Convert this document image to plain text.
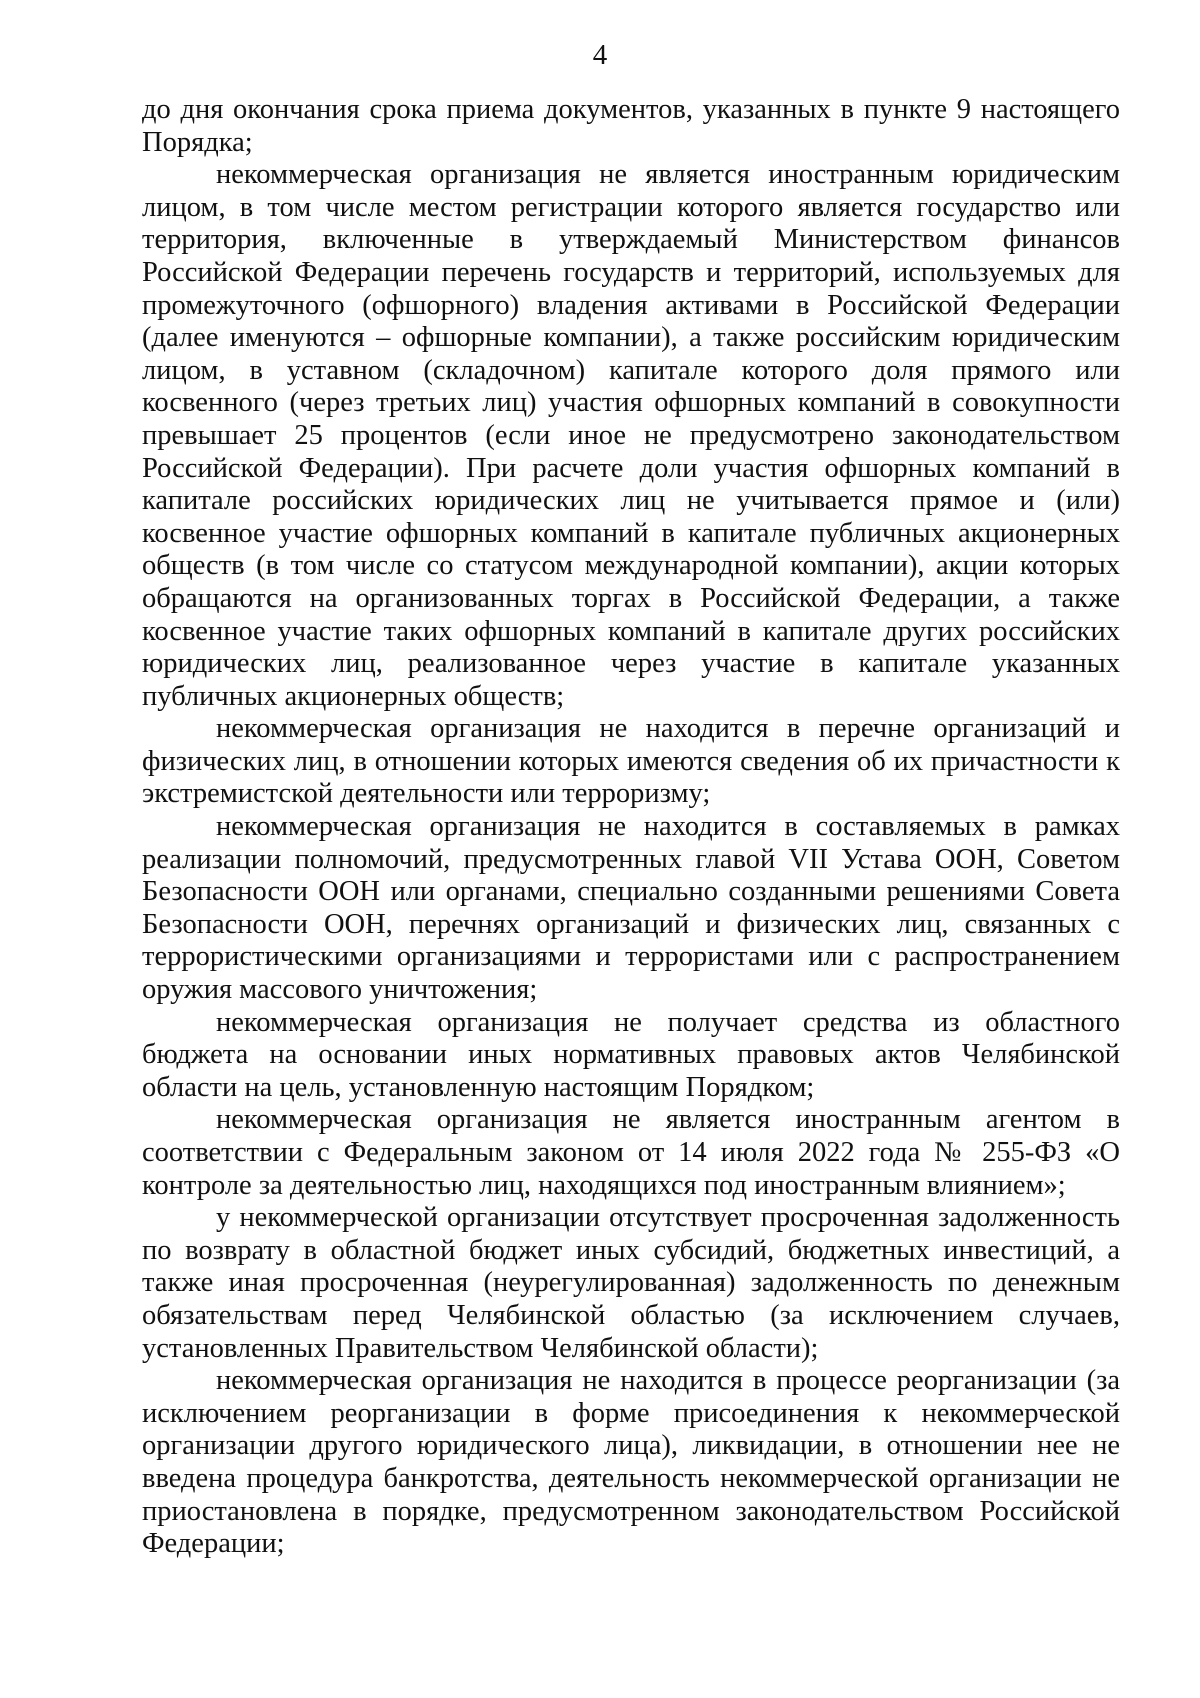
4

до дня окончания срока приема документов, указанных в пункте 9 настоящего Порядка;

некоммерческая организация не является иностранным юридическим лицом, в том числе местом регистрации которого является государство или территория, включенные в утверждаемый Министерством финансов Российской Федерации перечень государств и территорий, используемых для промежуточного (офшорного) владения активами в Российской Федерации (далее именуются – офшорные компании), а также российским юридическим лицом, в уставном (складочном) капитале которого доля прямого или косвенного (через третьих лиц) участия офшорных компаний в совокупности превышает 25 процентов (если иное не предусмотрено законодательством Российской Федерации). При расчете доли участия офшорных компаний в капитале российских юридических лиц не учитывается прямое и (или) косвенное участие офшорных компаний в капитале публичных акционерных обществ (в том числе со статусом международной компании), акции которых обращаются на организованных торгах в Российской Федерации, а также косвенное участие таких офшорных компаний в капитале других российских юридических лиц, реализованное через участие в капитале указанных публичных акционерных обществ;

некоммерческая организация не находится в перечне организаций и физических лиц, в отношении которых имеются сведения об их причастности к экстремистской деятельности или терроризму;

некоммерческая организация не находится в составляемых в рамках реализации полномочий, предусмотренных главой VII Устава ООН, Советом Безопасности ООН или органами, специально созданными решениями Совета Безопасности ООН, перечнях организаций и физических лиц, связанных с террористическими организациями и террористами или с распространением оружия массового уничтожения;

некоммерческая организация не получает средства из областного бюджета на основании иных нормативных правовых актов Челябинской области на цель, установленную настоящим Порядком;

некоммерческая организация не является иностранным агентом в соответствии с Федеральным законом от 14 июля 2022 года № 255-ФЗ «О контроле за деятельностью лиц, находящихся под иностранным влиянием»;

у некоммерческой организации отсутствует просроченная задолженность по возврату в областной бюджет иных субсидий, бюджетных инвестиций, а также иная просроченная (неурегулированная) задолженность по денежным обязательствам перед Челябинской областью (за исключением случаев, установленных Правительством Челябинской области);

некоммерческая организация не находится в процессе реорганизации (за исключением реорганизации в форме присоединения к некоммерческой организации другого юридического лица), ликвидации, в отношении нее не введена процедура банкротства, деятельность некоммерческой организации не приостановлена в порядке, предусмотренном законодательством Российской Федерации;
